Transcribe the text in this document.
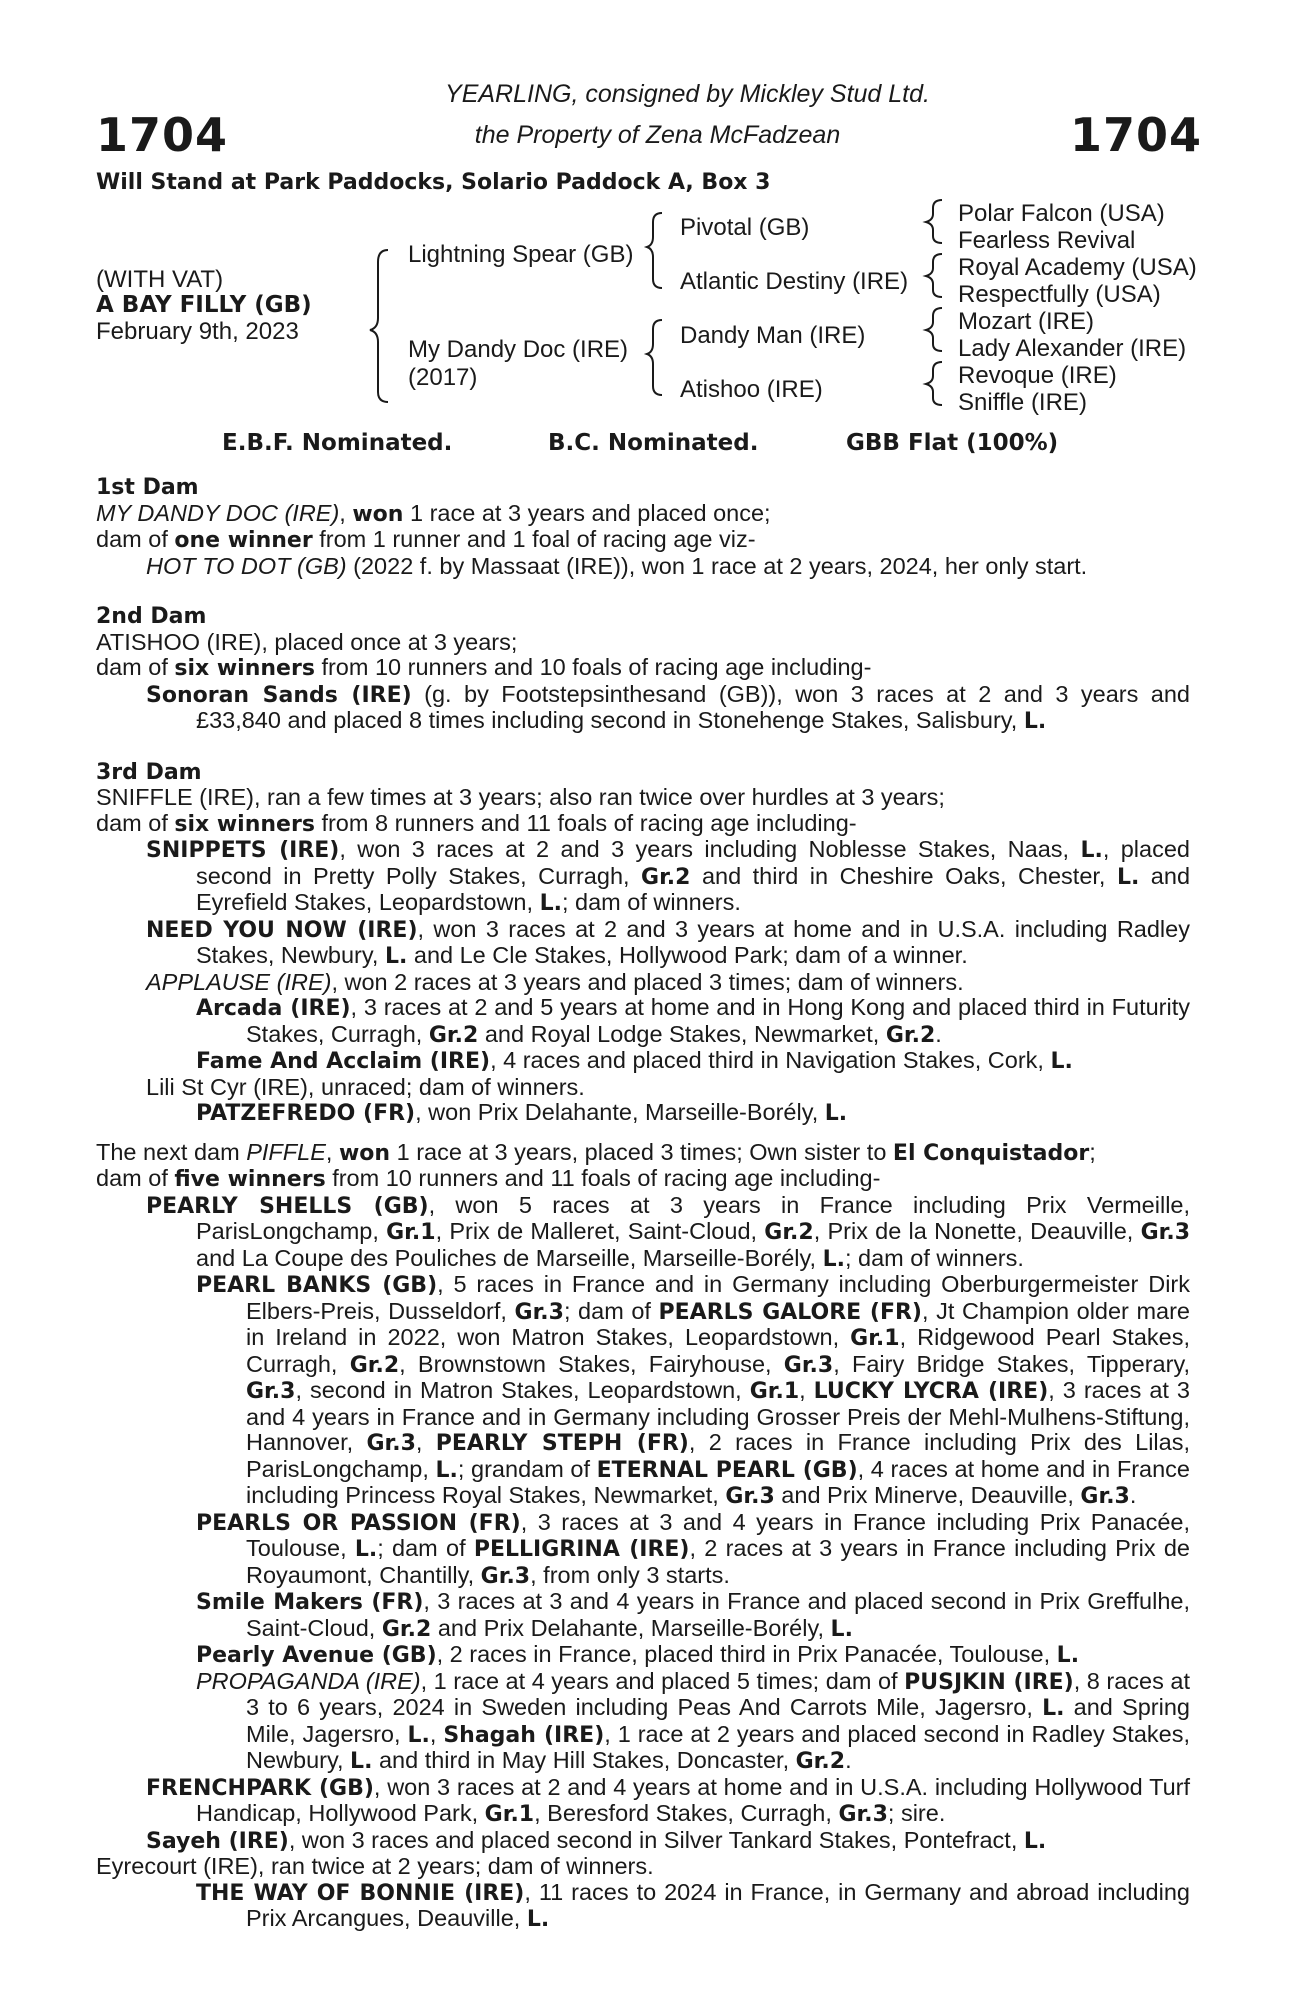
1704	1704
YEARLING, consigned by Mickley Stud Ltd.
the Property of Zena McFadzean
Will Stand at Park Paddocks, Solario Paddock A, Box 3
(WITH VAT)
A BAY FILLY (GB)
February 9th, 2023
Lightning Spear (GB)
My Dandy Doc (IRE)
(2017)
Pivotal (GB)
Atlantic Destiny (IRE)
Dandy Man (IRE)
Atishoo (IRE)
Polar Falcon (USA)
Fearless Revival
Royal Academy (USA)
Respectfully (USA)
Mozart (IRE)
Lady Alexander (IRE)
Revoque (IRE)
Sniffle (IRE)
E.B.F. Nominated.	B.C. Nominated.	GBB Flat (100%)
1st Dam
MY DANDY DOC (IRE), won 1 race at 3 years and placed once;
dam of one winner from 1 runner and 1 foal of racing age viz-
HOT TO DOT (GB) (2022 f. by Massaat (IRE)), won 1 race at 2 years, 2024, her only start.
2nd Dam
ATISHOO (IRE), placed once at 3 years;
dam of six winners from 10 runners and 10 foals of racing age including-
Sonoran Sands (IRE) (g. by Footstepsinthesand (GB)), won 3 races at 2 and 3 years and £33,840 and placed 8 times including second in Stonehenge Stakes, Salisbury, L.
3rd Dam
SNIFFLE (IRE), ran a few times at 3 years; also ran twice over hurdles at 3 years;
dam of six winners from 8 runners and 11 foals of racing age including-
SNIPPETS (IRE), won 3 races at 2 and 3 years including Noblesse Stakes, Naas, L., placed second in Pretty Polly Stakes, Curragh, Gr.2 and third in Cheshire Oaks, Chester, L. and Eyrefield Stakes, Leopardstown, L.; dam of winners.
NEED YOU NOW (IRE), won 3 races at 2 and 3 years at home and in U.S.A. including Radley Stakes, Newbury, L. and Le Cle Stakes, Hollywood Park; dam of a winner.
APPLAUSE (IRE), won 2 races at 3 years and placed 3 times; dam of winners.
Arcada (IRE), 3 races at 2 and 5 years at home and in Hong Kong and placed third in Futurity Stakes, Curragh, Gr.2 and Royal Lodge Stakes, Newmarket, Gr.2.
Fame And Acclaim (IRE), 4 races and placed third in Navigation Stakes, Cork, L.
Lili St Cyr (IRE), unraced; dam of winners.
PATZEFREDO (FR), won Prix Delahante, Marseille-Borély, L.
The next dam PIFFLE, won 1 race at 3 years, placed 3 times; Own sister to El Conquistador;
dam of five winners from 10 runners and 11 foals of racing age including-
PEARLY SHELLS (GB), won 5 races at 3 years in France including Prix Vermeille, ParisLongchamp, Gr.1, Prix de Malleret, Saint-Cloud, Gr.2, Prix de la Nonette, Deauville, Gr.3 and La Coupe des Pouliches de Marseille, Marseille-Borély, L.; dam of winners.
PEARL BANKS (GB), 5 races in France and in Germany including Oberburgermeister Dirk Elbers-Preis, Dusseldorf, Gr.3; dam of PEARLS GALORE (FR), Jt Champion older mare in Ireland in 2022, won Matron Stakes, Leopardstown, Gr.1, Ridgewood Pearl Stakes, Curragh, Gr.2, Brownstown Stakes, Fairyhouse, Gr.3, Fairy Bridge Stakes, Tipperary, Gr.3, second in Matron Stakes, Leopardstown, Gr.1, LUCKY LYCRA (IRE), 3 races at 3 and 4 years in France and in Germany including Grosser Preis der Mehl-Mulhens-Stiftung, Hannover, Gr.3, PEARLY STEPH (FR), 2 races in France including Prix des Lilas, ParisLongchamp, L.; grandam of ETERNAL PEARL (GB), 4 races at home and in France including Princess Royal Stakes, Newmarket, Gr.3 and Prix Minerve, Deauville, Gr.3.
PEARLS OR PASSION (FR), 3 races at 3 and 4 years in France including Prix Panacée, Toulouse, L.; dam of PELLIGRINA (IRE), 2 races at 3 years in France including Prix de Royaumont, Chantilly, Gr.3, from only 3 starts.
Smile Makers (FR), 3 races at 3 and 4 years in France and placed second in Prix Greffulhe, Saint-Cloud, Gr.2 and Prix Delahante, Marseille-Borély, L.
Pearly Avenue (GB), 2 races in France, placed third in Prix Panacée, Toulouse, L.
PROPAGANDA (IRE), 1 race at 4 years and placed 5 times; dam of PUSJKIN (IRE), 8 races at 3 to 6 years, 2024 in Sweden including Peas And Carrots Mile, Jagersro, L. and Spring Mile, Jagersro, L., Shagah (IRE), 1 race at 2 years and placed second in Radley Stakes, Newbury, L. and third in May Hill Stakes, Doncaster, Gr.2.
FRENCHPARK (GB), won 3 races at 2 and 4 years at home and in U.S.A. including Hollywood Turf Handicap, Hollywood Park, Gr.1, Beresford Stakes, Curragh, Gr.3; sire.
Sayeh (IRE), won 3 races and placed second in Silver Tankard Stakes, Pontefract, L.
Eyrecourt (IRE), ran twice at 2 years; dam of winners.
THE WAY OF BONNIE (IRE), 11 races to 2024 in France, in Germany and abroad including Prix Arcangues, Deauville, L.
